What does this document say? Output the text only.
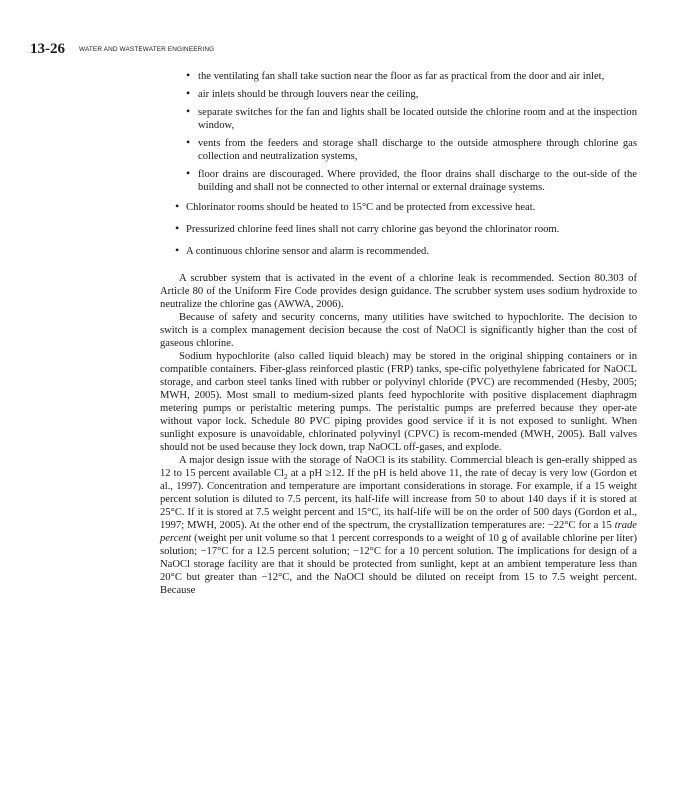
13-26 WATER AND WASTEWATER ENGINEERING
• the ventilating fan shall take suction near the floor as far as practical from the door and air inlet,
• air inlets should be through louvers near the ceiling,
• separate switches for the fan and lights shall be located outside the chlorine room and at the inspection window,
• vents from the feeders and storage shall discharge to the outside atmosphere through chlorine gas collection and neutralization systems,
• floor drains are discouraged. Where provided, the floor drains shall discharge to the out-side of the building and shall not be connected to other internal or external drainage systems.
• Chlorinator rooms should be heated to 15°C and be protected from excessive heat.
• Pressurized chlorine feed lines shall not carry chlorine gas beyond the chlorinator room.
• A continuous chlorine sensor and alarm is recommended.

A scrubber system that is activated in the event of a chlorine leak is recommended. Section 80.303 of Article 80 of the Uniform Fire Code provides design guidance. The scrubber system uses sodium hydroxide to neutralize the chlorine gas (AWWA, 2006).

Because of safety and security concerns, many utilities have switched to hypochlorite. The decision to switch is a complex management decision because the cost of NaOCl is significantly higher than the cost of gaseous chlorine.

Sodium hypochlorite (also called liquid bleach) may be stored in the original shipping containers or in compatible containers. Fiber-glass reinforced plastic (FRP) tanks, spe-cific polyethylene fabricated for NaOCL storage, and carbon steel tanks lined with rubber or polyvinyl chloride (PVC) are recommended (Hesby, 2005; MWH, 2005). Most small to medium-sized plants feed hypochlorite with positive displacement diaphragm metering pumps or peristaltic metering pumps. The peristaltic pumps are preferred because they oper-ate without vapor lock. Schedule 80 PVC piping provides good service if it is not exposed to sunlight. When sunlight exposure is unavoidable, chlorinated polyvinyl (CPVC) is recom-mended (MWH, 2005). Ball valves should not be used because they lock down, trap NaOCL off-gases, and explode.

A major design issue with the storage of NaOCl is its stability. Commercial bleach is gen-erally shipped as 12 to 15 percent available $Cl_2$ at a pH ≥12. If the pH is held above 11, the rate of decay is very low (Gordon et al., 1997). Concentration and temperature are important considerations in storage. For example, if a 15 weight percent solution is diluted to 7.5 percent, its half-life will increase from 50 to about 140 days if it is stored at 25°C. If it is stored at 7.5 weight percent and 15°C, its half-life will be on the order of 500 days (Gordon et al., 1997; MWH, 2005). At the other end of the spectrum, the crystallization temperatures are: −22°C for a 15 trade percent (weight per unit volume so that 1 percent corresponds to a weight of 10 g of available chlorine per liter) solution; −17°C for a 12.5 percent solution; −12°C for a 10 percent solution. The implications for design of a NaOCl storage facility are that it should be protected from sunlight, kept at an ambient temperature less than 20°C but greater than −12°C, and the NaOCl should be diluted on receipt from 15 to 7.5 weight percent. Because
